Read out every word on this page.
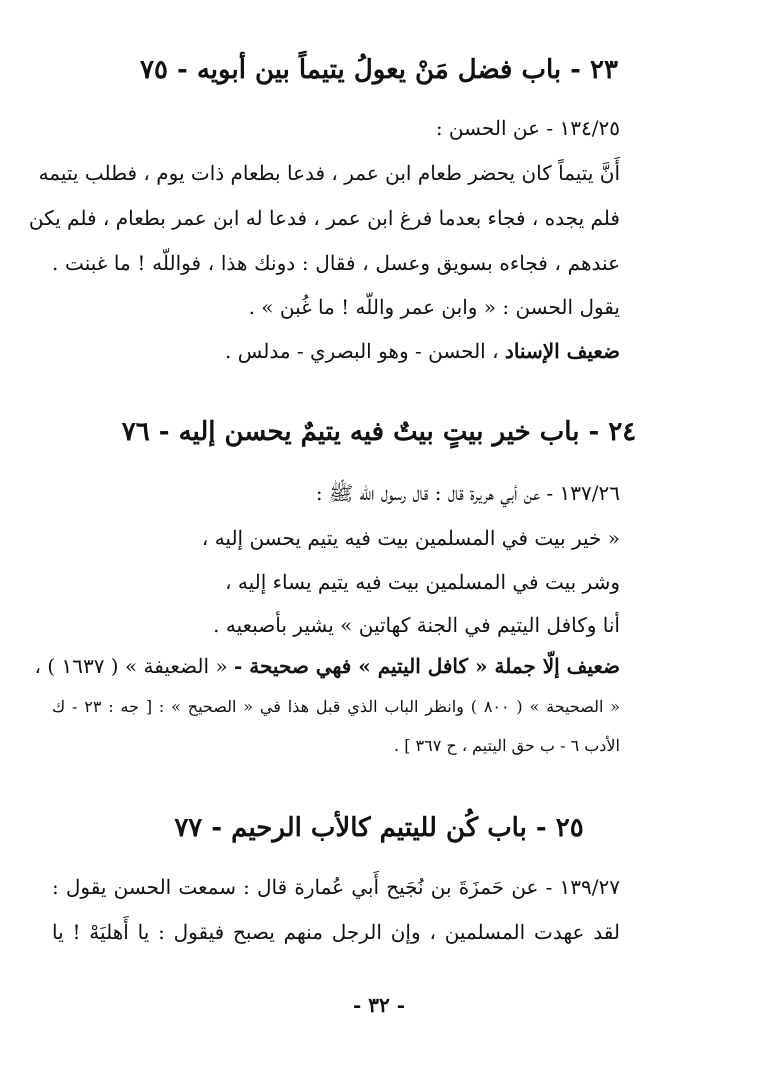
٢٣ - باب فضل مَنْ يعولُ يتيماً بين أبويه - ٧٥
١٣٤/٢٥ - عن الحسن :
أَنَّ يتيماً كان يحضر طعام ابن عمر ، فدعا بطعام ذات يوم ، فطلب يتيمه
فلم يجده ، فجاء بعدما فرغ ابن عمر ، فدعا له ابن عمر بطعام ، فلم يكن
عندهم ، فجاءه بسويق وعسل ، فقال : دونك هذا ، فواللّه ! ما غبنت .
يقول الحسن : « وابن عمر واللّه ! ما غُبن » .
ضعيف الإسناد ، الحسن - وهو البصري - مدلس .
٢٤ - باب خير بيتٍ بيتٌ فيه يتيمٌ يحسن إليه - ٧٦
١٣٧/٢٦ - عن أبي هريرة قال : قال رسول اللّه ﷺ :
« خير بيت في المسلمين بيت فيه يتيم يحسن إليه ،
وشر بيت في المسلمين بيت فيه يتيم يساء إليه ،
أنا وكافل اليتيم في الجنة كهاتين » يشير بأصبعيه .
ضعيف إلّا جملة « كافل اليتيم » فهي صحيحة - « الضعيفة » ( ١٦٣٧ ) ،
« الصحيحة » ( ٨٠٠ ) وانظر الباب الذي قبل هذا في « الصحيح » : [ جه : ٢٣ - ك
الأدب ٦ - ب حق اليتيم ، ح ٣٦٧ ] .
٢٥ - باب كُن لليتيم كالأب الرحيم - ٧٧
١٣٩/٢٧ - عن حَمزَةَ بن نُجَيح أَبي عُمارة قال : سمعت الحسن يقول :
لقد عهدت المسلمين ، وإن الرجل منهم يصبح فيقول : يا أَهليَهْ ! يا
- ٣٢ -
